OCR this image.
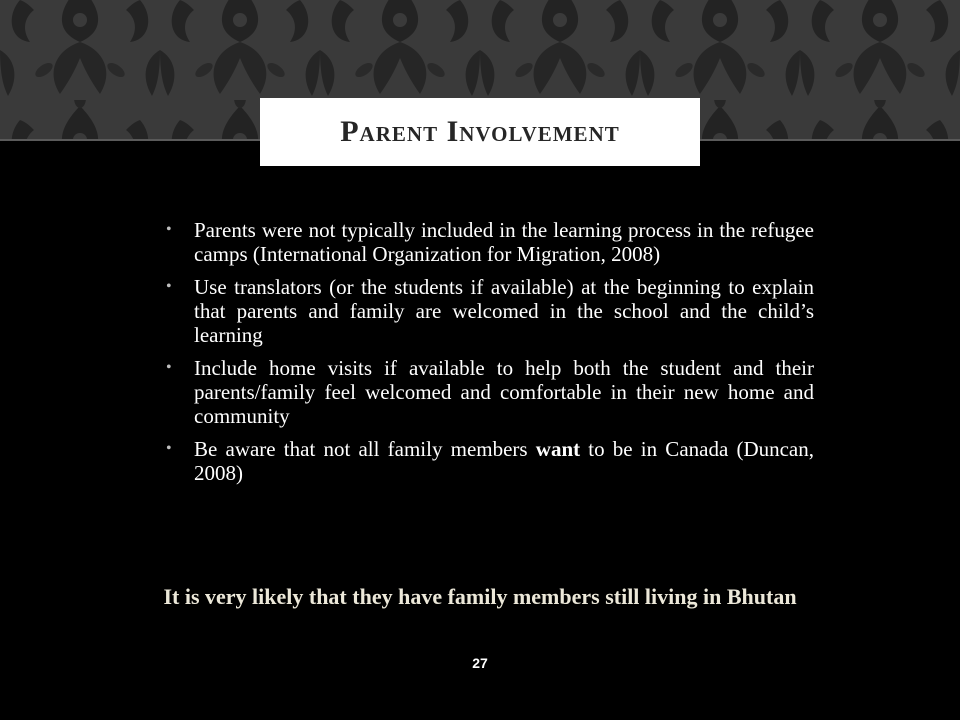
Parent Involvement
• Parents were not typically included in the learning process in the refugee camps (International Organization for Migration, 2008)
• Use translators (or the students if available) at the beginning to explain that parents and family are welcomed in the school and the child’s learning
• Include home visits if available to help both the student and their parents/family feel welcomed and comfortable in their new home and community
• Be aware that not all family members want to be in Canada (Duncan, 2008)
It is very likely that they have family members still living in Bhutan
27
